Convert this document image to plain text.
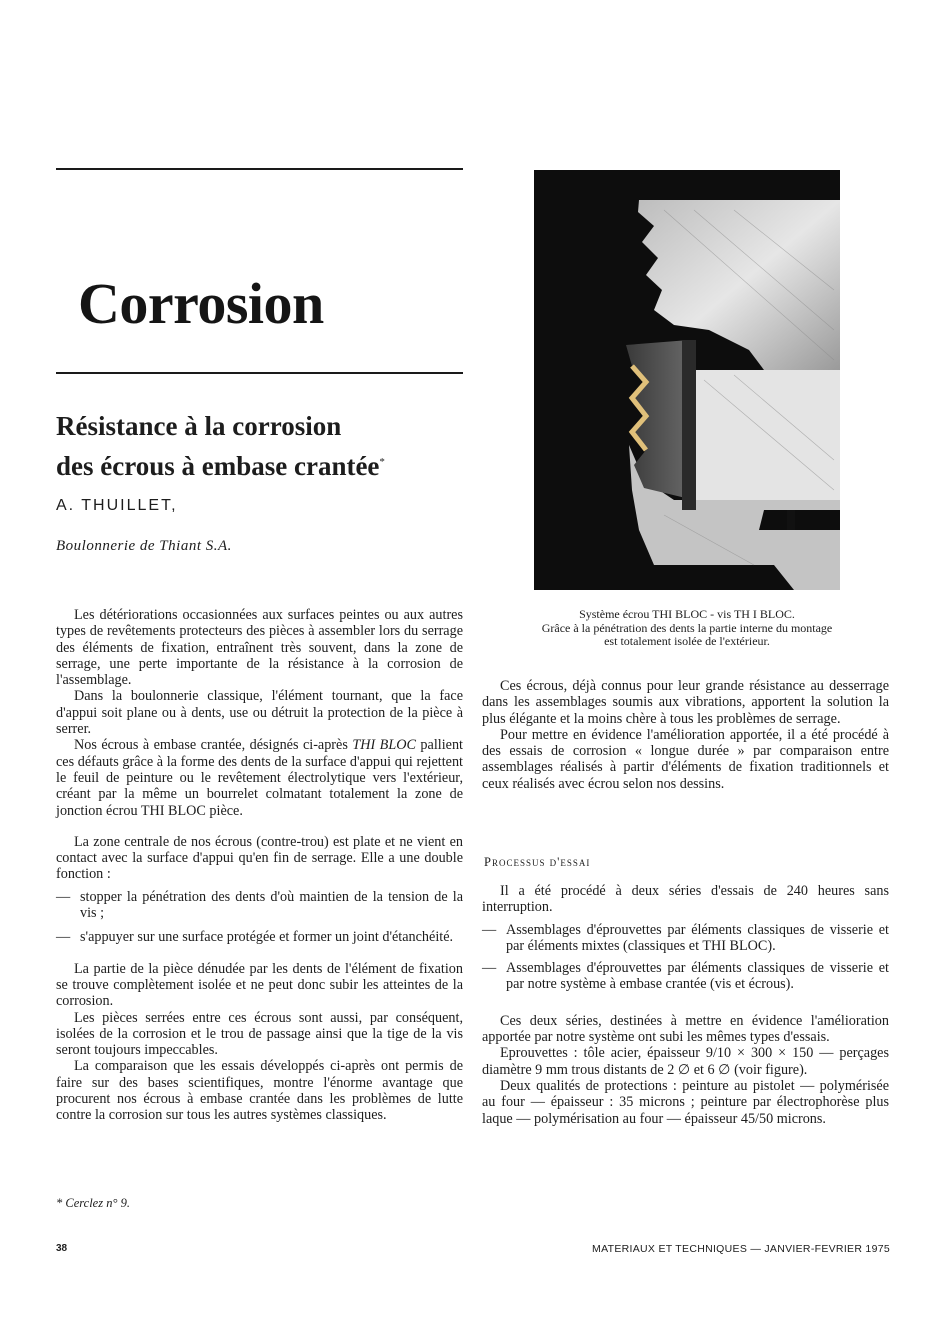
Corrosion
Résistance à la corrosion
des écrous à embase crantée*
A. THUILLET,
Boulonnerie de Thiant S.A.
Système écrou THI BLOC - vis TH I BLOC.
Grâce à la pénétration des dents la partie interne du montage
est totalement isolée de l'extérieur.

Les détériorations occasionnées aux surfaces peintes ou aux autres types de revêtements protecteurs des pièces à assembler lors du serrage des éléments de fixation, entraînent très souvent, dans la zone de serrage, une perte importante de la résistance à la corrosion de l'assemblage.

Dans la boulonnerie classique, l'élément tournant, que la face d'appui soit plane ou à dents, use ou détruit la protection de la pièce à serrer.

Nos écrous à embase crantée, désignés ci-après THI BLOC pallient ces défauts grâce à la forme des dents de la surface d'appui qui rejettent le feuil de peinture ou le revêtement électrolytique vers l'extérieur, créant par la même un bourrelet colmatant totalement la zone de jonction écrou THI BLOC pièce.

La zone centrale de nos écrous (contre-trou) est plate et ne vient en contact avec la surface d'appui qu'en fin de serrage. Elle a une double fonction :

— stopper la pénétration des dents d'où maintien de la tension de la vis ;

— s'appuyer sur une surface protégée et former un joint d'étanchéité.

La partie de la pièce dénudée par les dents de l'élément de fixation se trouve complètement isolée et ne peut donc subir les atteintes de la corrosion.

Les pièces serrées entre ces écrous sont aussi, par conséquent, isolées de la corrosion et le trou de passage ainsi que la tige de la vis seront toujours impeccables.

La comparaison que les essais développés ci-après ont permis de faire sur des bases scientifiques, montre l'énorme avantage que procurent nos écrous à embase crantée dans les problèmes de lutte contre la corrosion sur tous les autres systèmes classiques.

* Cerclez n° 9.

Ces écrous, déjà connus pour leur grande résistance au desserrage dans les assemblages soumis aux vibrations, apportent la solution la plus élégante et la moins chère à tous les problèmes de serrage.

Pour mettre en évidence l'amélioration apportée, il a été procédé à des essais de corrosion « longue durée » par comparaison entre assemblages réalisés à partir d'éléments de fixation traditionnels et ceux réalisés avec écrou selon nos dessins.

Processus d'essai

Il a été procédé à deux séries d'essais de 240 heures sans interruption.

— Assemblages d'éprouvettes par éléments classiques de visserie et par éléments mixtes (classiques et THI BLOC).

— Assemblages d'éprouvettes par éléments classiques de visserie et par notre système à embase crantée (vis et écrous).

Ces deux séries, destinées à mettre en évidence l'amélioration apportée par notre système ont subi les mêmes types d'essais.

Eprouvettes : tôle acier, épaisseur 9/10 × 300 × 150 — perçages diamètre 9 mm trous distants de 2 ∅ et 6 ∅ (voir figure).

Deux qualités de protections : peinture au pistolet — polymérisée au four — épaisseur : 35 microns ; peinture par électrophorèse plus laque — polymérisation au four — épaisseur 45/50 microns.

38	MATERIAUX ET TECHNIQUES — JANVIER-FEVRIER 1975
